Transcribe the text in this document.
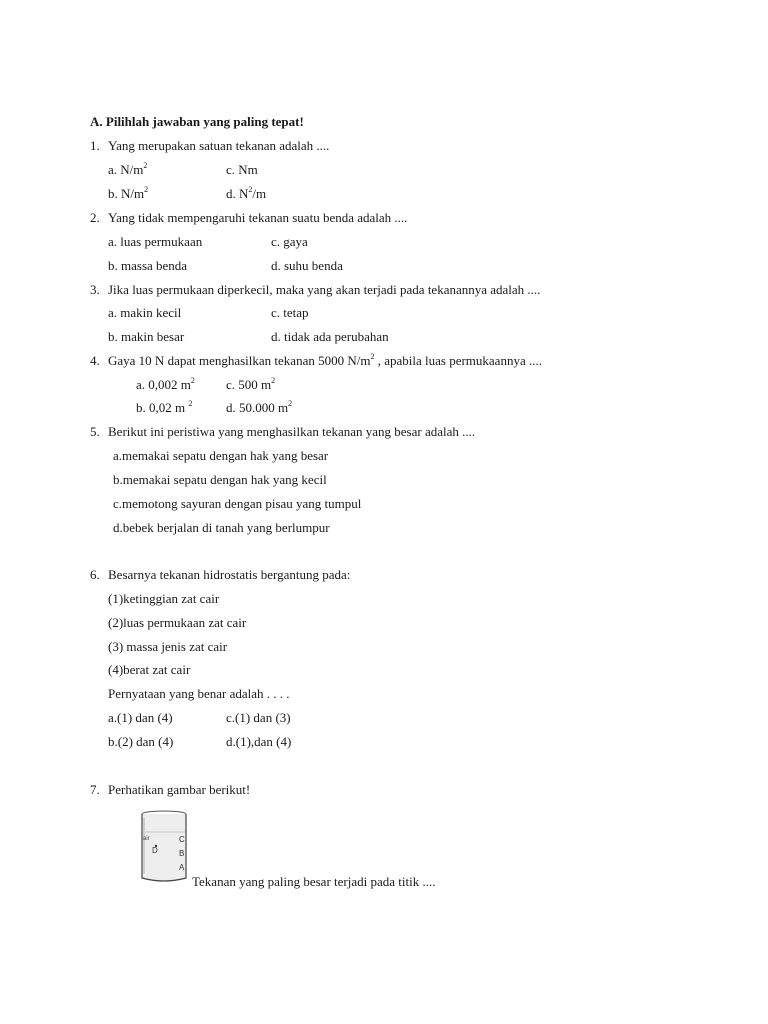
A. Pilihlah jawaban yang paling tepat!
1. Yang merupakan satuan tekanan adalah ....
a. $N/m^2$	c. Nm
b. $N/m^2$	d. $N^2/m$
2. Yang tidak mempengaruhi tekanan suatu benda adalah ....
a. luas permukaan	c. gaya
b. massa benda	d. suhu benda
3. Jika luas permukaan diperkecil, maka yang akan terjadi pada tekanannya adalah ....
a. makin kecil	c. tetap
b. makin besar	d. tidak ada perubahan
4. Gaya 10 N dapat menghasilkan tekanan 5000 $N/m^2$ , apabila luas permukaannya ....
a. 0,002 $m^2$ c. 500 $m^2$
b. 0,02 m $^2$	d. 50.000 $m^2$
5. Berikut ini peristiwa yang menghasilkan tekanan yang besar adalah ....
a.memakai sepatu dengan hak yang besar
b.memakai sepatu dengan hak yang kecil
c.memotong sayuran dengan pisau yang tumpul
d.bebek berjalan di tanah yang berlumpur
6. Besarnya tekanan hidrostatis bergantung pada:
(1)ketinggian zat cair
(2)luas permukaan zat cair
(3) massa jenis zat cair
(4)berat zat cair
Pernyataan yang benar adalah . . . .
a.(1) dan (4)	c.(1) dan (3)
b.(2) dan (4)	d.(1),dan (4)
7. Perhatikan gambar berikut!
air
D
C
B
A
Tekanan yang paling besar terjadi pada titik ....
